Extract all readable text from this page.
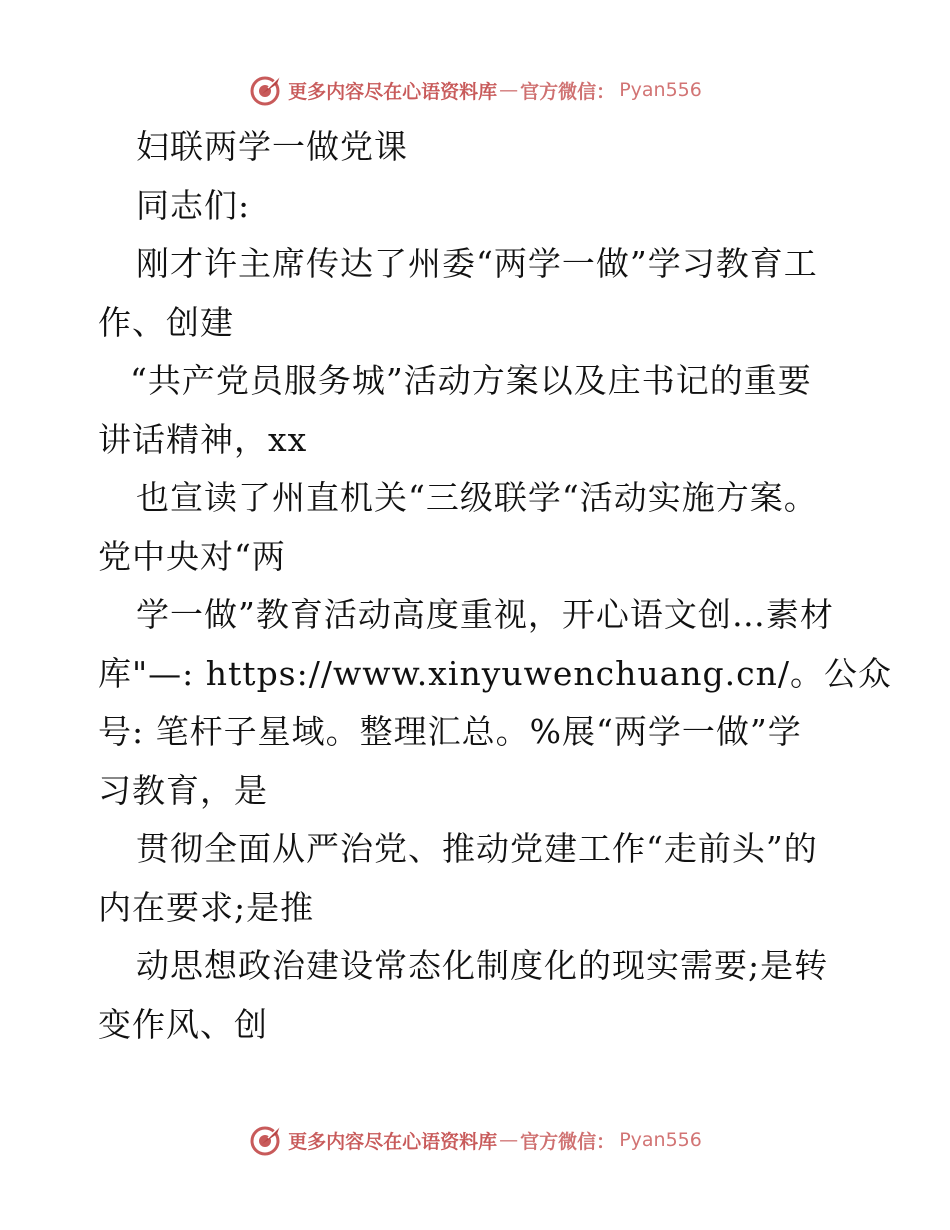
更多内容尽在心语资料库 — 官方微信： Pyan556
妇联两学一做党课
同志们:
刚才许主席传达了州委“两学一做”学习教育工
作、创建
“共产党员服务城”活动方案以及庄书记的重要
讲话精神，xx
也宣读了州直机关“三级联学“活动实施方案。
党中央对“两
学一做”教育活动高度重视，开心语文创…素材
库"—: https://www.xinyuwenchuang.cn/。公众
号: 笔杆子星域。整理汇总。%展“两学一做”学
习教育，是
贯彻全面从严治党、推动党建工作“走前头”的
内在要求;是推
动思想政治建设常态化制度化的现实需要;是转
变作风、创
更多内容尽在心语资料库 — 官方微信： Pyan556
